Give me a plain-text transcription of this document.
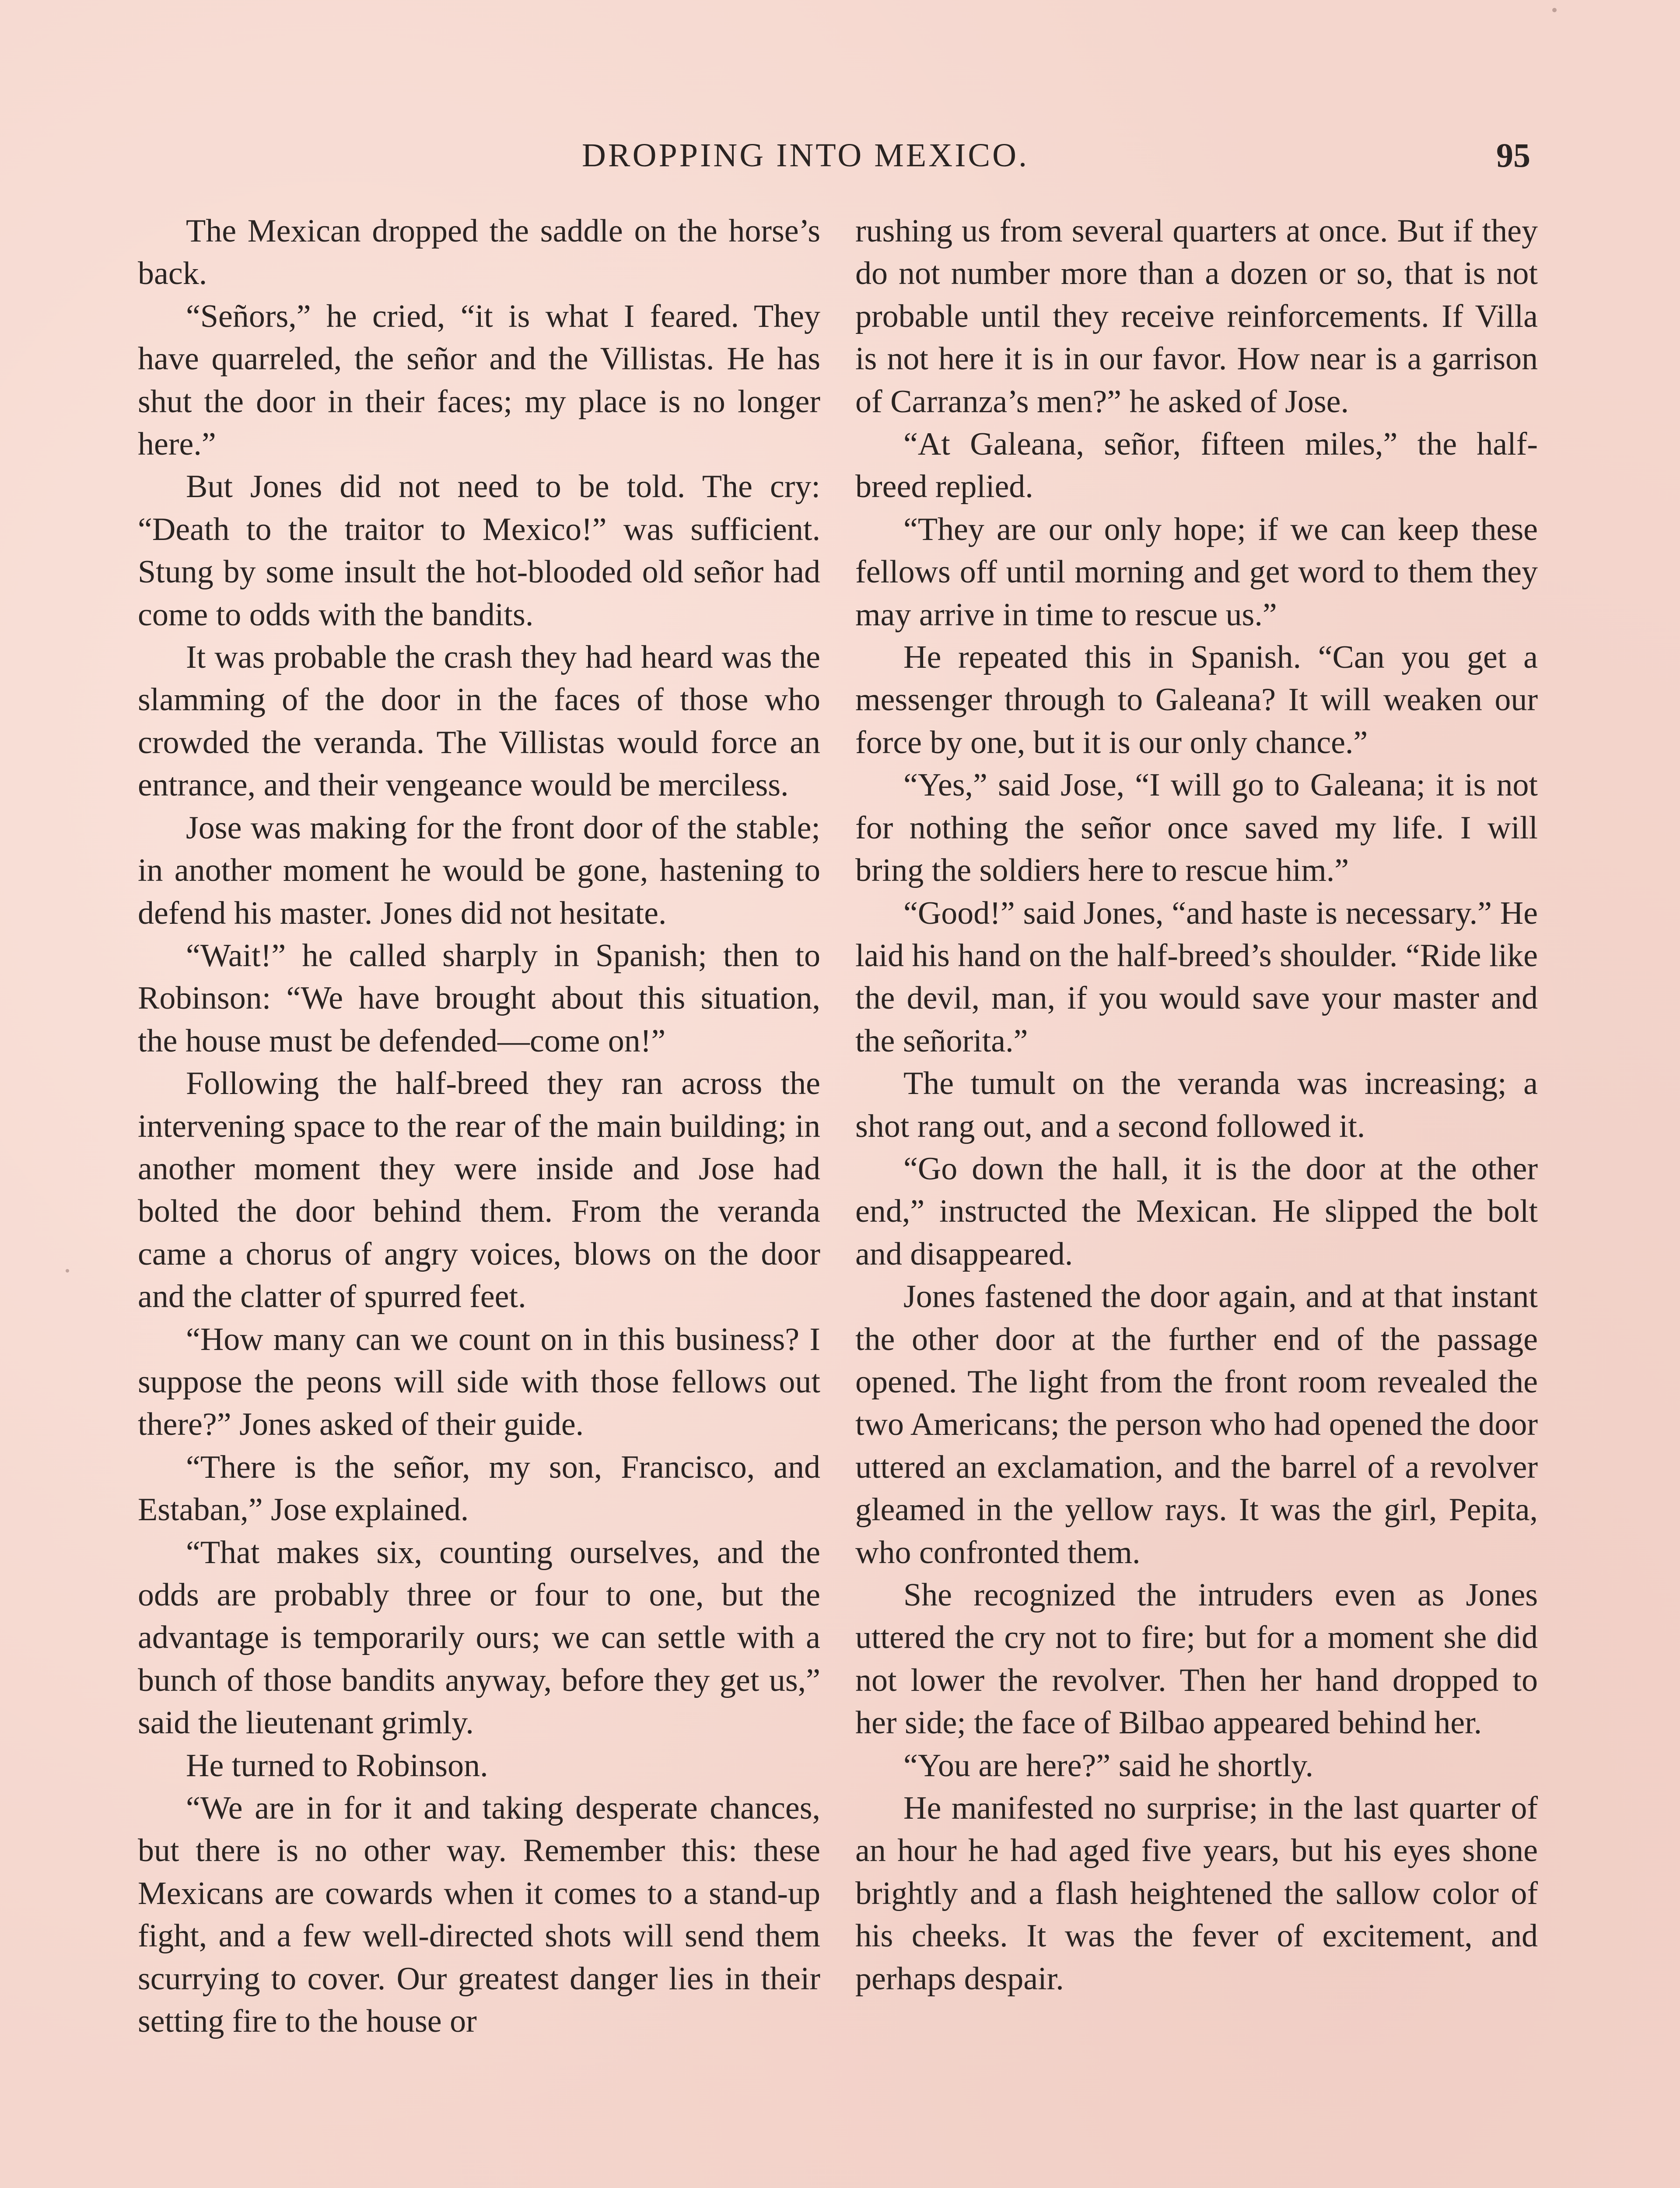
DROPPING INTO MEXICO.	95

The Mexican dropped the saddle on the horse’s back.

“Señors,” he cried, “it is what I feared. They have quarreled, the señor and the Villistas. He has shut the door in their faces; my place is no longer here.”

But Jones did not need to be told. The cry: “Death to the traitor to Mexico!” was sufficient. Stung by some insult the hot-blooded old señor had come to odds with the bandits.

It was probable the crash they had heard was the slamming of the door in the faces of those who crowded the veranda. The Villistas would force an entrance, and their vengeance would be merciless.

Jose was making for the front door of the stable; in another moment he would be gone, hastening to defend his master. Jones did not hesitate.

“Wait!” he called sharply in Spanish; then to Robinson: “We have brought about this situation, the house must be defended—come on!”

Following the half-breed they ran across the intervening space to the rear of the main building; in another moment they were inside and Jose had bolted the door behind them. From the veranda came a chorus of angry voices, blows on the door and the clatter of spurred feet.

“How many can we count on in this business? I suppose the peons will side with those fellows out there?” Jones asked of their guide.

“There is the señor, my son, Francisco, and Estaban,” Jose explained.

“That makes six, counting ourselves, and the odds are probably three or four to one, but the advantage is temporarily ours; we can settle with a bunch of those bandits anyway, before they get us,” said the lieutenant grimly.

He turned to Robinson.

“We are in for it and taking desperate chances, but there is no other way. Remember this: these Mexicans are cowards when it comes to a stand-up fight, and a few well-directed shots will send them scurrying to cover. Our greatest danger lies in their setting fire to the house or

rushing us from several quarters at once. But if they do not number more than a dozen or so, that is not probable until they receive reinforcements. If Villa is not here it is in our favor. How near is a garrison of Carranza’s men?” he asked of Jose.

“At Galeana, señor, fifteen miles,” the half-breed replied.

“They are our only hope; if we can keep these fellows off until morning and get word to them they may arrive in time to rescue us.”

He repeated this in Spanish. “Can you get a messenger through to Galeana? It will weaken our force by one, but it is our only chance.”

“Yes,” said Jose, “I will go to Galeana; it is not for nothing the señor once saved my life. I will bring the soldiers here to rescue him.”

“Good!” said Jones, “and haste is necessary.” He laid his hand on the half-breed’s shoulder. “Ride like the devil, man, if you would save your master and the señorita.”

The tumult on the veranda was increasing; a shot rang out, and a second followed it.

“Go down the hall, it is the door at the other end,” instructed the Mexican. He slipped the bolt and disappeared.

Jones fastened the door again, and at that instant the other door at the further end of the passage opened. The light from the front room revealed the two Americans; the person who had opened the door uttered an exclamation, and the barrel of a revolver gleamed in the yellow rays. It was the girl, Pepita, who confronted them.

She recognized the intruders even as Jones uttered the cry not to fire; but for a moment she did not lower the revolver. Then her hand dropped to her side; the face of Bilbao appeared behind her.

“You are here?” said he shortly.

He manifested no surprise; in the last quarter of an hour he had aged five years, but his eyes shone brightly and a flash heightened the sallow color of his cheeks. It was the fever of excitement, and perhaps despair.
